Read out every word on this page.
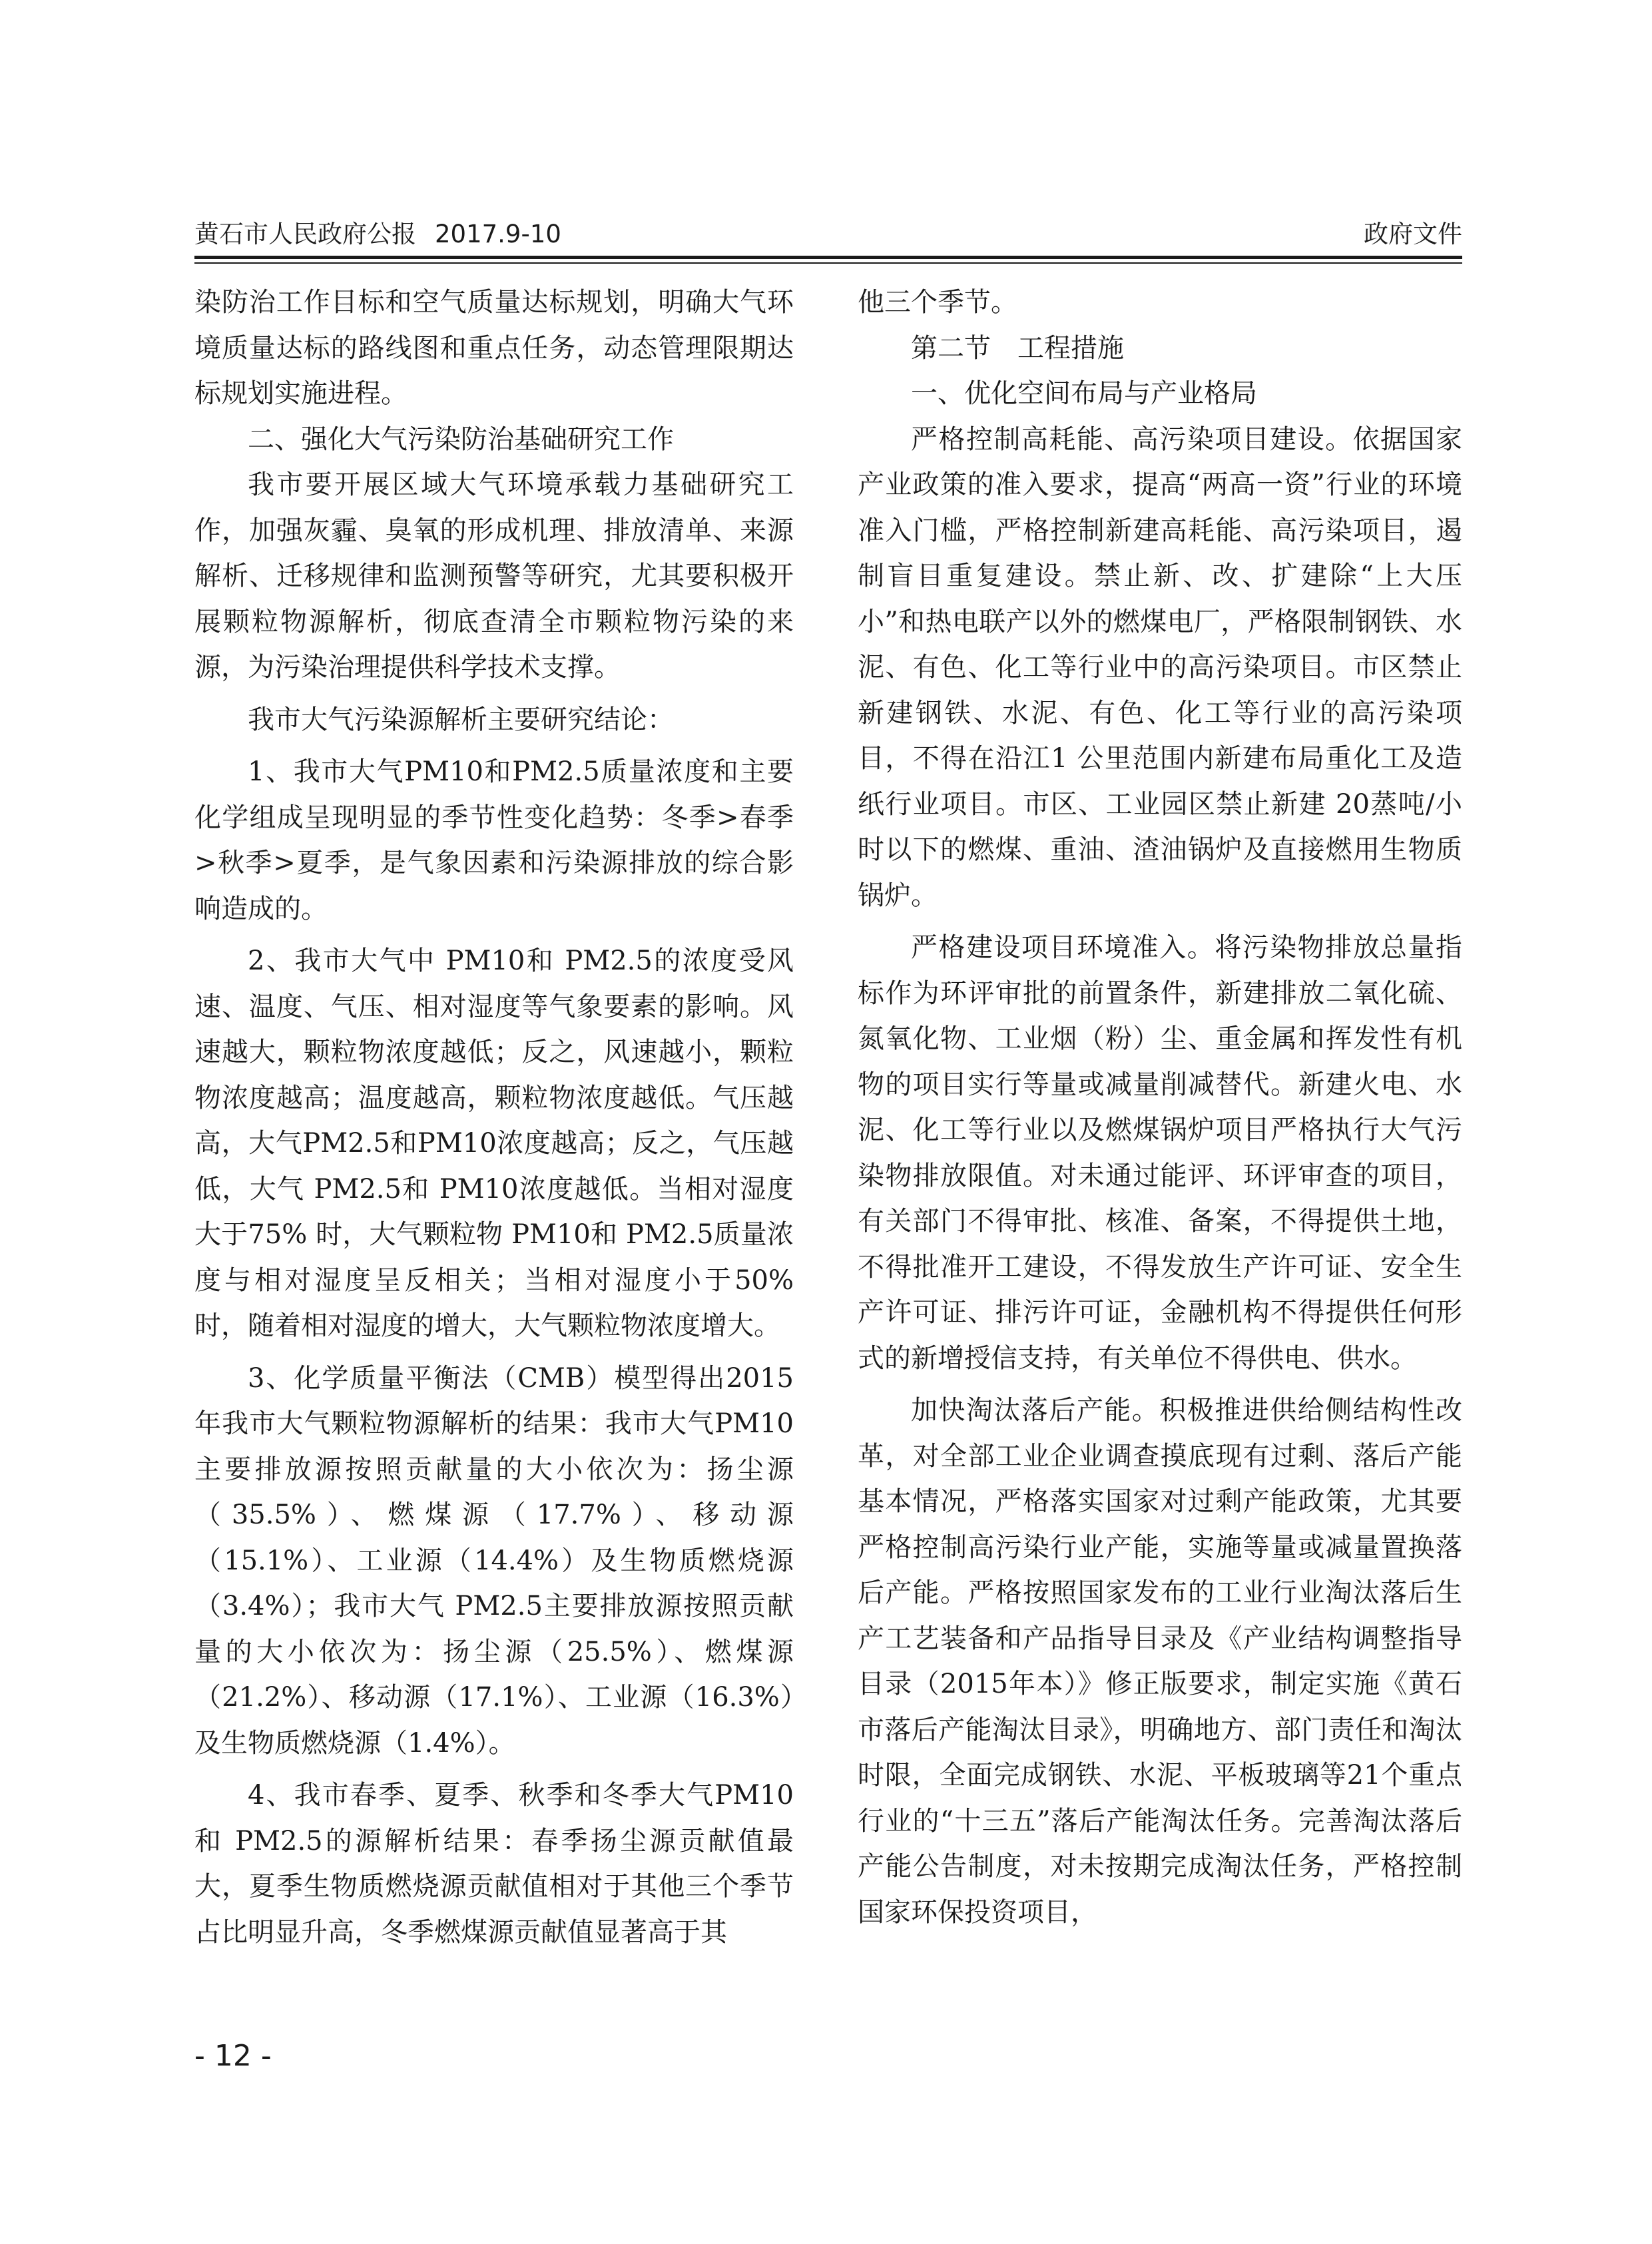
黄石市人民政府公报 2017.9-10	政府文件

染防治工作目标和空气质量达标规划，明确大气环境质量达标的路线图和重点任务，动态管理限期达标规划实施进程。

二、强化大气污染防治基础研究工作

我市要开展区域大气环境承载力基础研究工作，加强灰霾、臭氧的形成机理、排放清单、来源解析、迁移规律和监测预警等研究，尤其要积极开展颗粒物源解析，彻底查清全市颗粒物污染的来源，为污染治理提供科学技术支撑。

我市大气污染源解析主要研究结论：

1、我市大气PM10和PM2.5质量浓度和主要化学组成呈现明显的季节性变化趋势：冬季>春季>秋季>夏季，是气象因素和污染源排放的综合影响造成的。

2、我市大气中 PM10和 PM2.5的浓度受风速、温度、气压、相对湿度等气象要素的影响。风速越大，颗粒物浓度越低；反之，风速越小，颗粒物浓度越高；温度越高，颗粒物浓度越低。气压越高，大气PM2.5和PM10浓度越高；反之，气压越低，大气 PM2.5和 PM10浓度越低。当相对湿度大于75% 时，大气颗粒物 PM10和 PM2.5质量浓度与相对湿度呈反相关；当相对湿度小于50% 时，随着相对湿度的增大，大气颗粒物浓度增大。

3、化学质量平衡法（CMB）模型得出2015年我市大气颗粒物源解析的结果：我市大气PM10主要排放源按照贡献量的大小依次为：扬尘源（35.5%）、燃煤源（17.7%）、移动源（15.1%）、工业源（14.4%）及生物质燃烧源（3.4%）；我市大气 PM2.5主要排放源按照贡献量的大小依次为：扬尘源（25.5%）、燃煤源（21.2%）、移动源（17.1%）、工业源（16.3%）及生物质燃烧源（1.4%）。

4、我市春季、夏季、秋季和冬季大气PM10和 PM2.5的源解析结果：春季扬尘源贡献值最大，夏季生物质燃烧源贡献值相对于其他三个季节占比明显升高，冬季燃煤源贡献值显著高于其

他三个季节。

第二节　工程措施

一、优化空间布局与产业格局

严格控制高耗能、高污染项目建设。依据国家产业政策的准入要求，提高“两高一资”行业的环境准入门槛，严格控制新建高耗能、高污染项目，遏制盲目重复建设。禁止新、改、扩建除“上大压小”和热电联产以外的燃煤电厂，严格限制钢铁、水泥、有色、化工等行业中的高污染项目。市区禁止新建钢铁、水泥、有色、化工等行业的高污染项目，不得在沿江1 公里范围内新建布局重化工及造纸行业项目。市区、工业园区禁止新建 20蒸吨/小时以下的燃煤、重油、渣油锅炉及直接燃用生物质锅炉。

严格建设项目环境准入。将污染物排放总量指标作为环评审批的前置条件，新建排放二氧化硫、氮氧化物、工业烟（粉）尘、重金属和挥发性有机物的项目实行等量或减量削减替代。新建火电、水泥、化工等行业以及燃煤锅炉项目严格执行大气污染物排放限值。对未通过能评、环评审查的项目，有关部门不得审批、核准、备案，不得提供土地，不得批准开工建设，不得发放生产许可证、安全生产许可证、排污许可证，金融机构不得提供任何形式的新增授信支持，有关单位不得供电、供水。

加快淘汰落后产能。积极推进供给侧结构性改革，对全部工业企业调查摸底现有过剩、落后产能基本情况，严格落实国家对过剩产能政策，尤其要严格控制高污染行业产能，实施等量或减量置换落后产能。严格按照国家发布的工业行业淘汰落后生产工艺装备和产品指导目录及《产业结构调整指导目录（2015年本）》修正版要求，制定实施《黄石市落后产能淘汰目录》，明确地方、部门责任和淘汰时限，全面完成钢铁、水泥、平板玻璃等21个重点行业的“十三五”落后产能淘汰任务。完善淘汰落后产能公告制度，对未按期完成淘汰任务，严格控制国家环保投资项目，

- 12 -
